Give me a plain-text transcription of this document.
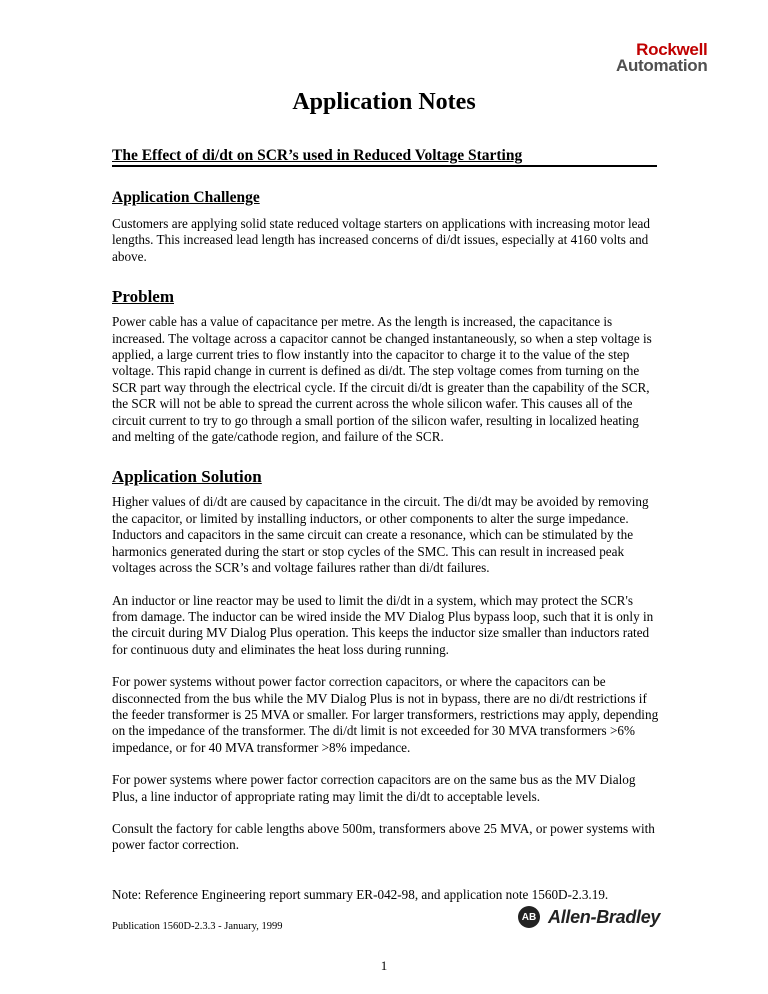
Rockwell
Automation
Application Notes
The Effect of di/dt on SCR’s used in Reduced Voltage Starting
Application Challenge

Customers are applying solid state reduced voltage starters on applications with increasing motor lead lengths. This increased lead length has increased concerns of di/dt issues, especially at 4160 volts and above.

Problem

Power cable has a value of capacitance per metre. As the length is increased, the capacitance is increased. The voltage across a capacitor cannot be changed instantaneously, so when a step voltage is applied, a large current tries to flow instantly into the capacitor to charge it to the value of the step voltage. This rapid change in current is defined as di/dt. The step voltage comes from turning on the SCR part way through the electrical cycle. If the circuit di/dt is greater than the capability of the SCR, the SCR will not be able to spread the current across the whole silicon wafer. This causes all of the circuit current to try to go through a small portion of the silicon wafer, resulting in localized heating and melting of the gate/cathode region, and failure of the SCR.

Application Solution

Higher values of di/dt are caused by capacitance in the circuit. The di/dt may be avoided by removing the capacitor, or limited by installing inductors, or other components to alter the surge impedance. Inductors and capacitors in the same circuit can create a resonance, which can be stimulated by the harmonics generated during the start or stop cycles of the SMC. This can result in increased peak voltages across the SCR’s and voltage failures rather than di/dt failures.

An inductor or line reactor may be used to limit the di/dt in a system, which may protect the SCR's from damage. The inductor can be wired inside the MV Dialog Plus bypass loop, such that it is only in the circuit during MV Dialog Plus operation. This keeps the inductor size smaller than inductors rated for continuous duty and eliminates the heat loss during running.

For power systems without power factor correction capacitors, or where the capacitors can be disconnected from the bus while the MV Dialog Plus is not in bypass, there are no di/dt restrictions if the feeder transformer is 25 MVA or smaller. For larger transformers, restrictions may apply, depending on the impedance of the transformer. The di/dt limit is not exceeded for 30 MVA transformers >6% impedance, or for 40 MVA transformer >8% impedance.

For power systems where power factor correction capacitors are on the same bus as the MV Dialog Plus, a line inductor of appropriate rating may limit the di/dt to acceptable levels.

Consult the factory for cable lengths above 500m, transformers above 25 MVA, or power systems with power factor correction.

Note: Reference Engineering report summary ER-042-98, and application note 1560D-2.3.19.

Publication 1560D-2.3.3 - January, 1999
AB Allen-Bradley
1
